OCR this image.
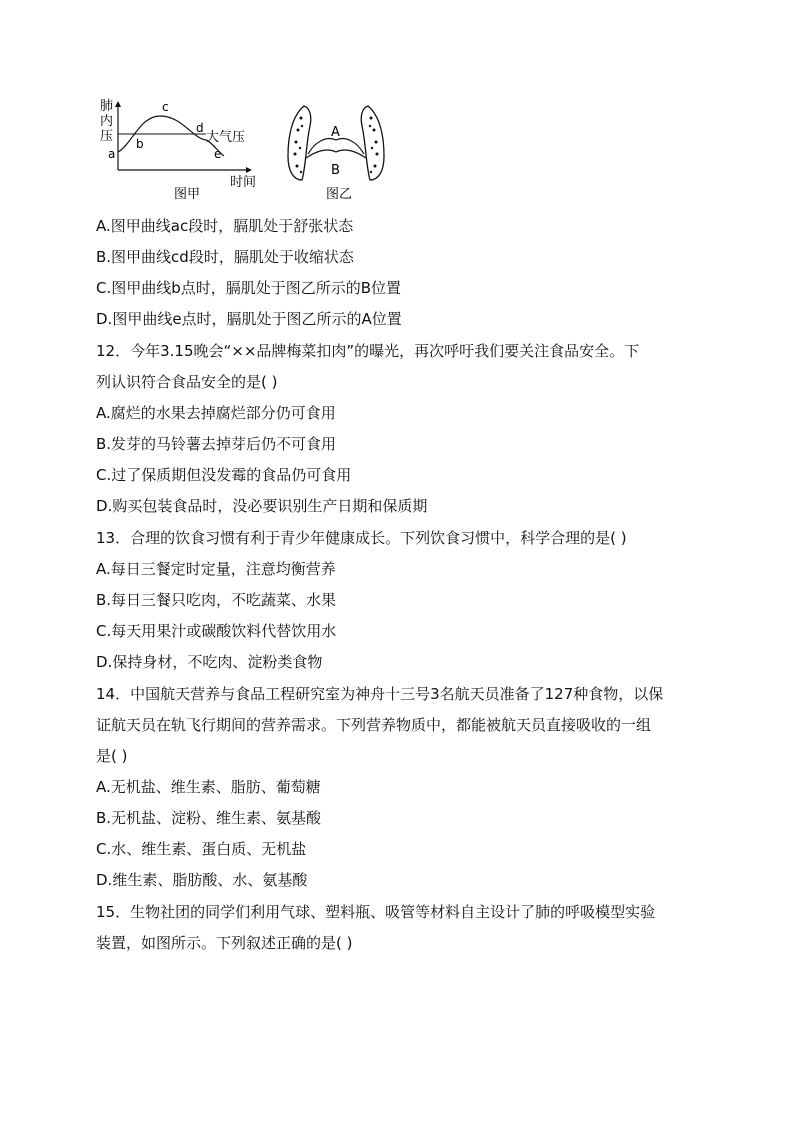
肺内压
a
b
c
d
e
大气压
时间
图甲
A
B
图乙
A.图甲曲线ac段时，膈肌处于舒张状态
B.图甲曲线cd段时，膈肌处于收缩状态
C.图甲曲线b点时，膈肌处于图乙所示的B位置
D.图甲曲线e点时，膈肌处于图乙所示的A位置
12．今年3.15晚会“××品牌梅菜扣肉”的曝光，再次呼吁我们要关注食品安全。下
列认识符合食品安全的是( )
A.腐烂的水果去掉腐烂部分仍可食用
B.发芽的马铃薯去掉芽后仍不可食用
C.过了保质期但没发霉的食品仍可食用
D.购买包装食品时，没必要识别生产日期和保质期
13．合理的饮食习惯有利于青少年健康成长。下列饮食习惯中，科学合理的是( )
A.每日三餐定时定量，注意均衡营养
B.每日三餐只吃肉，不吃蔬菜、水果
C.每天用果汁或碳酸饮料代替饮用水
D.保持身材，不吃肉、淀粉类食物
14．中国航天营养与食品工程研究室为神舟十三号3名航天员准备了127种食物，以保
证航天员在轨飞行期间的营养需求。下列营养物质中，都能被航天员直接吸收的一组
是( )
A.无机盐、维生素、脂肪、葡萄糖
B.无机盐、淀粉、维生素、氨基酸
C.水、维生素、蛋白质、无机盐
D.维生素、脂肪酸、水、氨基酸
15．生物社团的同学们利用气球、塑料瓶、吸管等材料自主设计了肺的呼吸模型实验
装置，如图所示。下列叙述正确的是( )
